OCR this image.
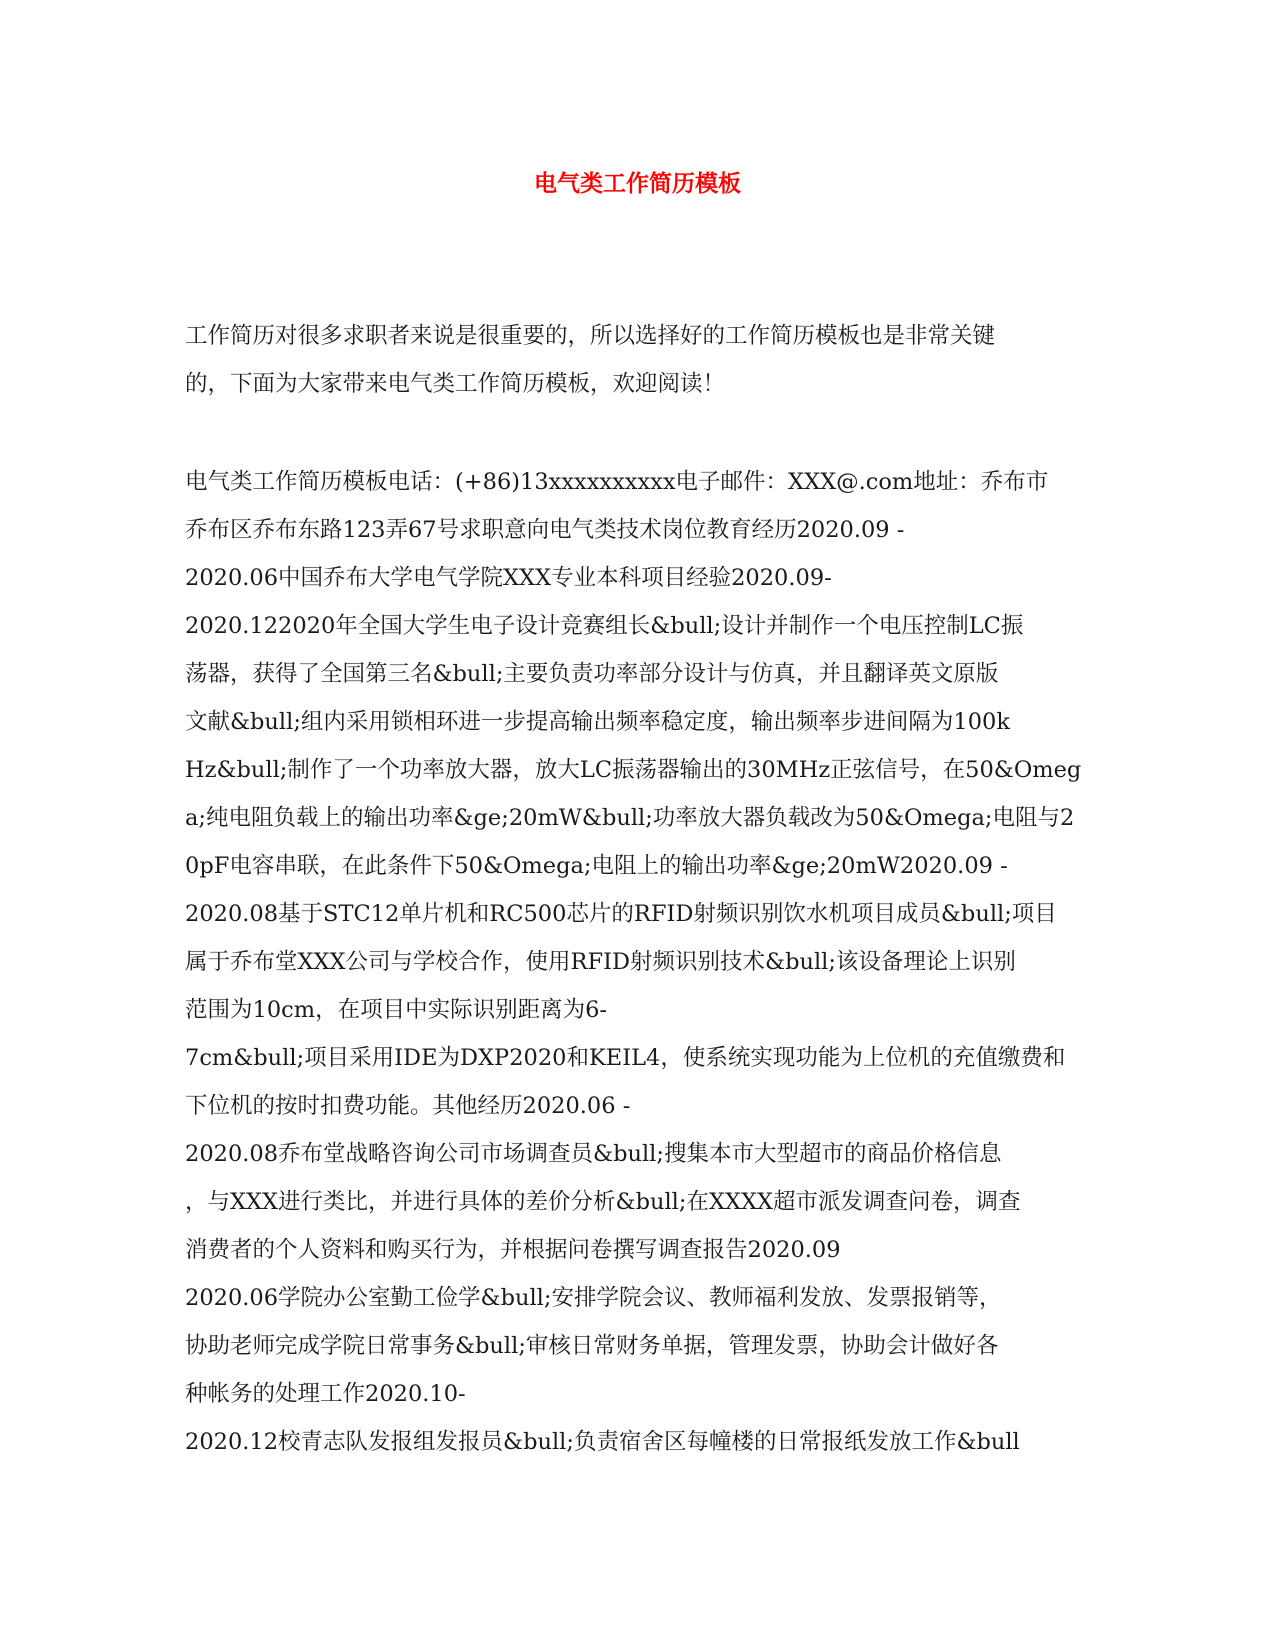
电气类工作简历模板
工作简历对很多求职者来说是很重要的，所以选择好的工作简历模板也是非常关键
的，下面为大家带来电气类工作简历模板，欢迎阅读！
电气类工作简历模板电话：(+86)13xxxxxxxxxx电子邮件：XXX@.com地址：乔布市
乔布区乔布东路123弄67号求职意向电气类技术岗位教育经历2020.09 -
2020.06中国乔布大学电气学院XXX专业本科项目经验2020.09-
2020.122020年全国大学生电子设计竞赛组长&bull;设计并制作一个电压控制LC振
荡器，获得了全国第三名&bull;主要负责功率部分设计与仿真，并且翻译英文原版
文献&bull;组内采用锁相环进一步提高输出频率稳定度，输出频率步进间隔为100k
Hz&bull;制作了一个功率放大器，放大LC振荡器输出的30MHz正弦信号，在50&Omeg
a;纯电阻负载上的输出功率&ge;20mW&bull;功率放大器负载改为50&Omega;电阻与2
0pF电容串联，在此条件下50&Omega;电阻上的输出功率&ge;20mW2020.09 -
2020.08基于STC12单片机和RC500芯片的RFID射频识别饮水机项目成员&bull;项目
属于乔布堂XXX公司与学校合作，使用RFID射频识别技术&bull;该设备理论上识别
范围为10cm，在项目中实际识别距离为6-
7cm&bull;项目采用IDE为DXP2020和KEIL4，使系统实现功能为上位机的充值缴费和
下位机的按时扣费功能。其他经历2020.06 -
2020.08乔布堂战略咨询公司市场调查员&bull;搜集本市大型超市的商品价格信息
，与XXX进行类比，并进行具体的差价分析&bull;在XXXX超市派发调查问卷，调查
消费者的个人资料和购买行为，并根据问卷撰写调查报告2020.09
2020.06学院办公室勤工俭学&bull;安排学院会议、教师福利发放、发票报销等，
协助老师完成学院日常事务&bull;审核日常财务单据，管理发票，协助会计做好各
种帐务的处理工作2020.10-
2020.12校青志队发报组发报员&bull;负责宿舍区每幢楼的日常报纸发放工作&bull
